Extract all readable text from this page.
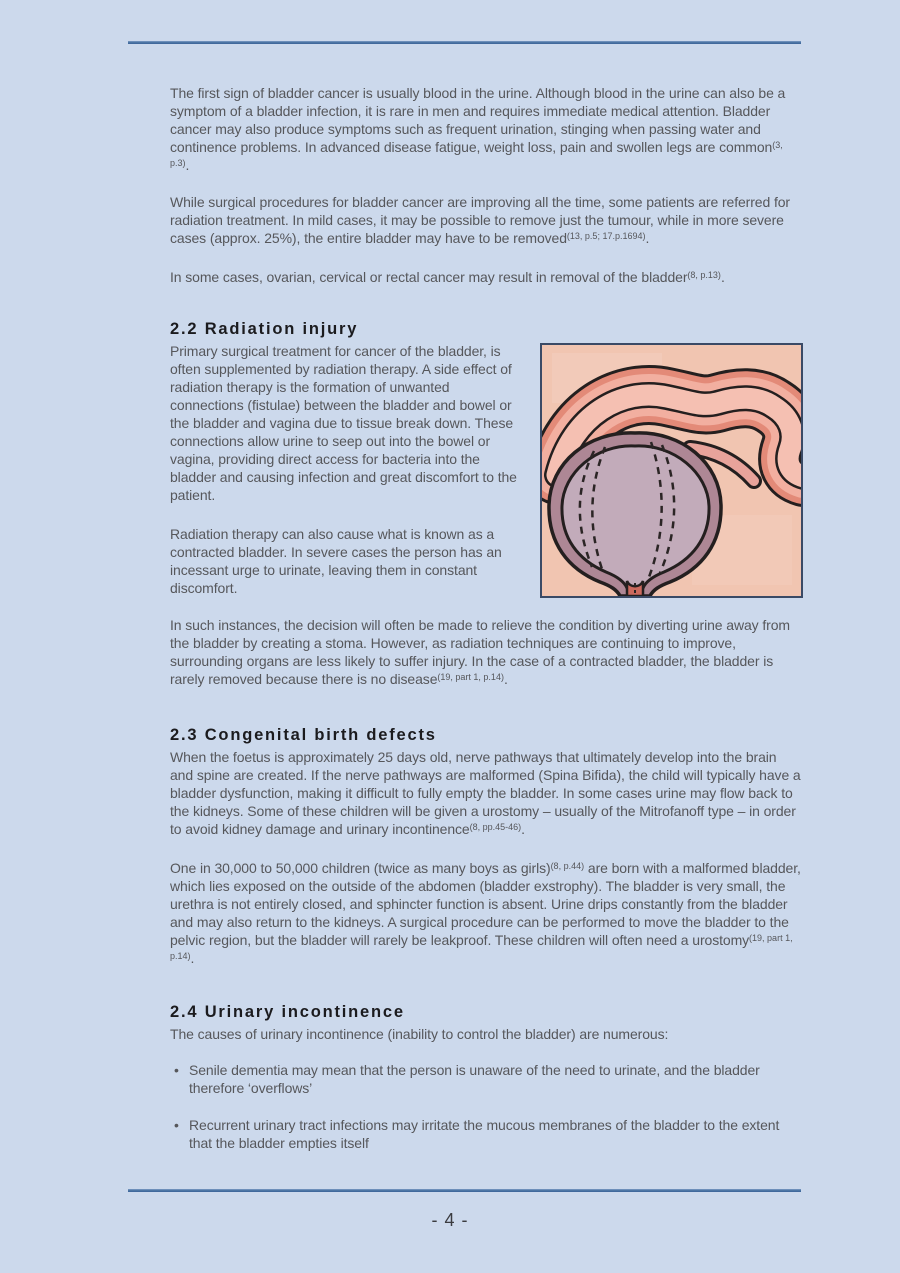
The first sign of bladder cancer is usually blood in the urine. Although blood in the urine can also be a symptom of a bladder infection, it is rare in men and requires immediate medical attention. Bladder cancer may also produce symptoms such as frequent urination, stinging when passing water and continence problems. In advanced disease fatigue, weight loss, pain and swollen legs are common$^{(3, p.3)}$.

While surgical procedures for bladder cancer are improving all the time, some patients are referred for radiation treatment. In mild cases, it may be possible to remove just the tumour, while in more severe cases (approx. 25%), the entire bladder may have to be removed$^{(13, p.5; 17.p.1694)}$.

In some cases, ovarian, cervical or rectal cancer may result in removal of the bladder$^{(8, p.13)}$.

2.2 Radiation injury

Primary surgical treatment for cancer of the bladder, is often supplemented by radiation therapy. A side effect of radiation therapy is the formation of unwanted connections (fistulae) between the bladder and bowel or the bladder and vagina due to tissue break down. These connections allow urine to seep out into the bowel or vagina, providing direct access for bacteria into the bladder and causing infection and great discomfort to the patient.

Radiation therapy can also cause what is known as a contracted bladder. In severe cases the person has an incessant urge to urinate, leaving them in constant discomfort.

In such instances, the decision will often be made to relieve the condition by diverting urine away from the bladder by creating a stoma. However, as radiation techniques are continuing to improve, surrounding organs are less likely to suffer injury. In the case of a contracted bladder, the bladder is rarely removed because there is no disease$^{(19, part 1, p.14)}$.

2.3 Congenital birth defects

When the foetus is approximately 25 days old, nerve pathways that ultimately develop into the brain and spine are created. If the nerve pathways are malformed (Spina Bifida), the child will typically have a bladder dysfunction, making it difficult to fully empty the bladder. In some cases urine may flow back to the kidneys. Some of these children will be given a urostomy – usually of the Mitrofanoff type – in order to avoid kidney damage and urinary incontinence$^{(8, pp.45-46)}$.

One in 30,000 to 50,000 children (twice as many boys as girls)$^{(8, p.44)}$ are born with a malformed bladder, which lies exposed on the outside of the abdomen (bladder exstrophy). The bladder is very small, the urethra is not entirely closed, and sphincter function is absent. Urine drips constantly from the bladder and may also return to the kidneys. A surgical procedure can be performed to move the bladder to the pelvic region, but the bladder will rarely be leakproof. These children will often need a urostomy$^{(19, part 1, p.14)}$.

2.4 Urinary incontinence

The causes of urinary incontinence (inability to control the bladder) are numerous:

• Senile dementia may mean that the person is unaware of the need to urinate, and the bladder therefore ‘overflows’
• Recurrent urinary tract infections may irritate the mucous membranes of the bladder to the extent that the bladder empties itself
- 4 -
